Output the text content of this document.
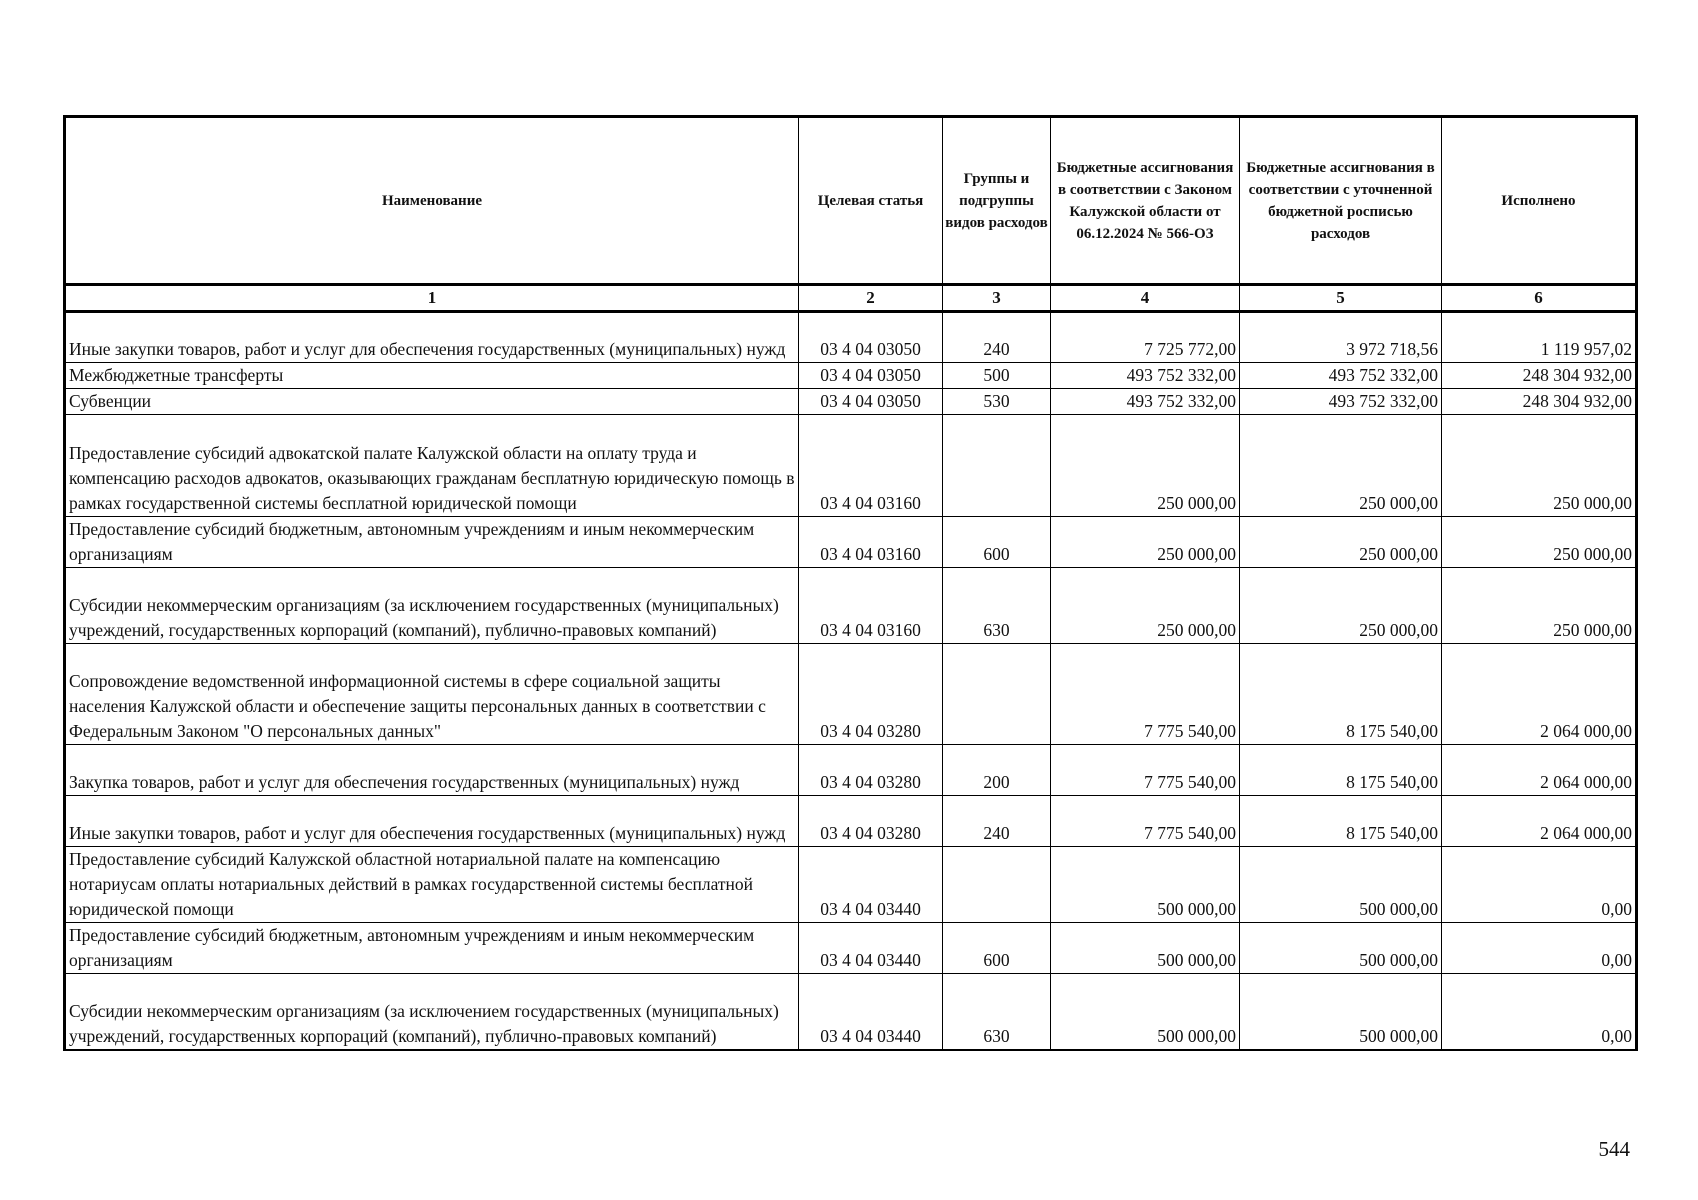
Наименование	Целевая статья	Группы и подгруппы видов расходов	Бюджетные ассигнования в соответствии с Законом Калужской области от 06.12.2024 № 566-ОЗ	Бюджетные ассигнования в соответствии с уточненной бюджетной росписью расходов	Исполнено
1	2	3	4	5	6
Иные закупки товаров, работ и услуг для обеспечения государственных (муниципальных) нужд	03 4 04 03050	240	7 725 772,00	3 972 718,56	1 119 957,02
Межбюджетные трансферты	03 4 04 03050	500	493 752 332,00	493 752 332,00	248 304 932,00
Субвенции	03 4 04 03050	530	493 752 332,00	493 752 332,00	248 304 932,00
Предоставление субсидий адвокатской палате Калужской области на оплату труда и компенсацию расходов адвокатов, оказывающих гражданам бесплатную юридическую помощь в рамках государственной системы бесплатной юридической помощи	03 4 04 03160		250 000,00	250 000,00	250 000,00
Предоставление субсидий бюджетным, автономным учреждениям и иным некоммерческим организациям	03 4 04 03160	600	250 000,00	250 000,00	250 000,00
Субсидии некоммерческим организациям (за исключением государственных (муниципальных) учреждений, государственных корпораций (компаний), публично-правовых компаний)	03 4 04 03160	630	250 000,00	250 000,00	250 000,00
Сопровождение ведомственной информационной системы в сфере социальной защиты населения Калужской области и обеспечение защиты персональных данных в соответствии с Федеральным Законом "О персональных данных"	03 4 04 03280		7 775 540,00	8 175 540,00	2 064 000,00
Закупка товаров, работ и услуг для обеспечения государственных (муниципальных) нужд	03 4 04 03280	200	7 775 540,00	8 175 540,00	2 064 000,00
Иные закупки товаров, работ и услуг для обеспечения государственных (муниципальных) нужд	03 4 04 03280	240	7 775 540,00	8 175 540,00	2 064 000,00
Предоставление субсидий Калужской областной нотариальной палате на компенсацию нотариусам оплаты нотариальных действий в рамках государственной системы бесплатной юридической помощи	03 4 04 03440		500 000,00	500 000,00	0,00
Предоставление субсидий бюджетным, автономным учреждениям и иным некоммерческим организациям	03 4 04 03440	600	500 000,00	500 000,00	0,00
Субсидии некоммерческим организациям (за исключением государственных (муниципальных) учреждений, государственных корпораций (компаний), публично-правовых компаний)	03 4 04 03440	630	500 000,00	500 000,00	0,00
544
